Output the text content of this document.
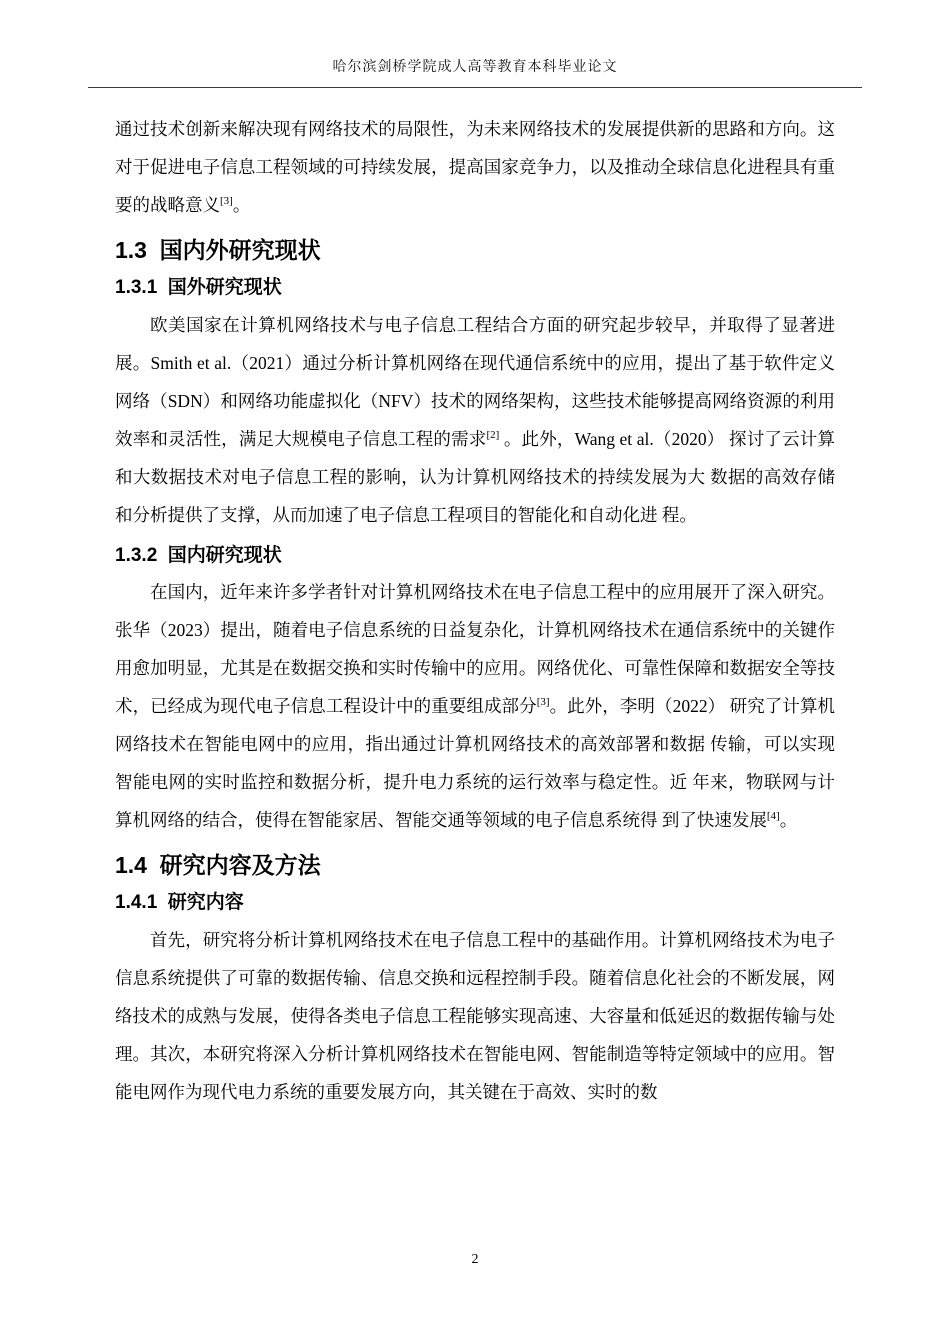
哈尔滨剑桥学院成人高等教育本科毕业论文

通过技术创新来解决现有网络技术的局限性，为未来网络技术的发展提供新的思路和方向。这对于促进电子信息工程领域的可持续发展，提高国家竞争力，以及推动全球信息化进程具有重要的战略意义[3]。

1.3 国内外研究现状
1.3.1 国外研究现状

欧美国家在计算机网络技术与电子信息工程结合方面的研究起步较早，并取得了显著进展。Smith et al.（2021）通过分析计算机网络在现代通信系统中的应用，提出了基于软件定义网络（SDN）和网络功能虚拟化（NFV）技术的网络架构，这些技术能够提高网络资源的利用效率和灵活性，满足大规模电子信息工程的需求[2] 。此外，Wang et al.（2020） 探讨了云计算和大数据技术对电子信息工程的影响，认为计算机网络技术的持续发展为大 数据的高效存储和分析提供了支撑，从而加速了电子信息工程项目的智能化和自动化进 程。

1.3.2 国内研究现状

在国内，近年来许多学者针对计算机网络技术在电子信息工程中的应用展开了深入研究。张华（2023）提出，随着电子信息系统的日益复杂化，计算机网络技术在通信系统中的关键作用愈加明显，尤其是在数据交换和实时传输中的应用。网络优化、可靠性保障和数据安全等技术，已经成为现代电子信息工程设计中的重要组成部分[3]。此外，李明（2022） 研究了计算机网络技术在智能电网中的应用，指出通过计算机网络技术的高效部署和数据 传输，可以实现智能电网的实时监控和数据分析，提升电力系统的运行效率与稳定性。近 年来，物联网与计算机网络的结合，使得在智能家居、智能交通等领域的电子信息系统得 到了快速发展[4]。

1.4 研究内容及方法
1.4.1 研究内容

首先，研究将分析计算机网络技术在电子信息工程中的基础作用。计算机网络技术为电子信息系统提供了可靠的数据传输、信息交换和远程控制手段。随着信息化社会的不断发展，网络技术的成熟与发展，使得各类电子信息工程能够实现高速、大容量和低延迟的数据传输与处理。其次，本研究将深入分析计算机网络技术在智能电网、智能制造等特定领域中的应用。智能电网作为现代电力系统的重要发展方向，其关键在于高效、实时的数

2
